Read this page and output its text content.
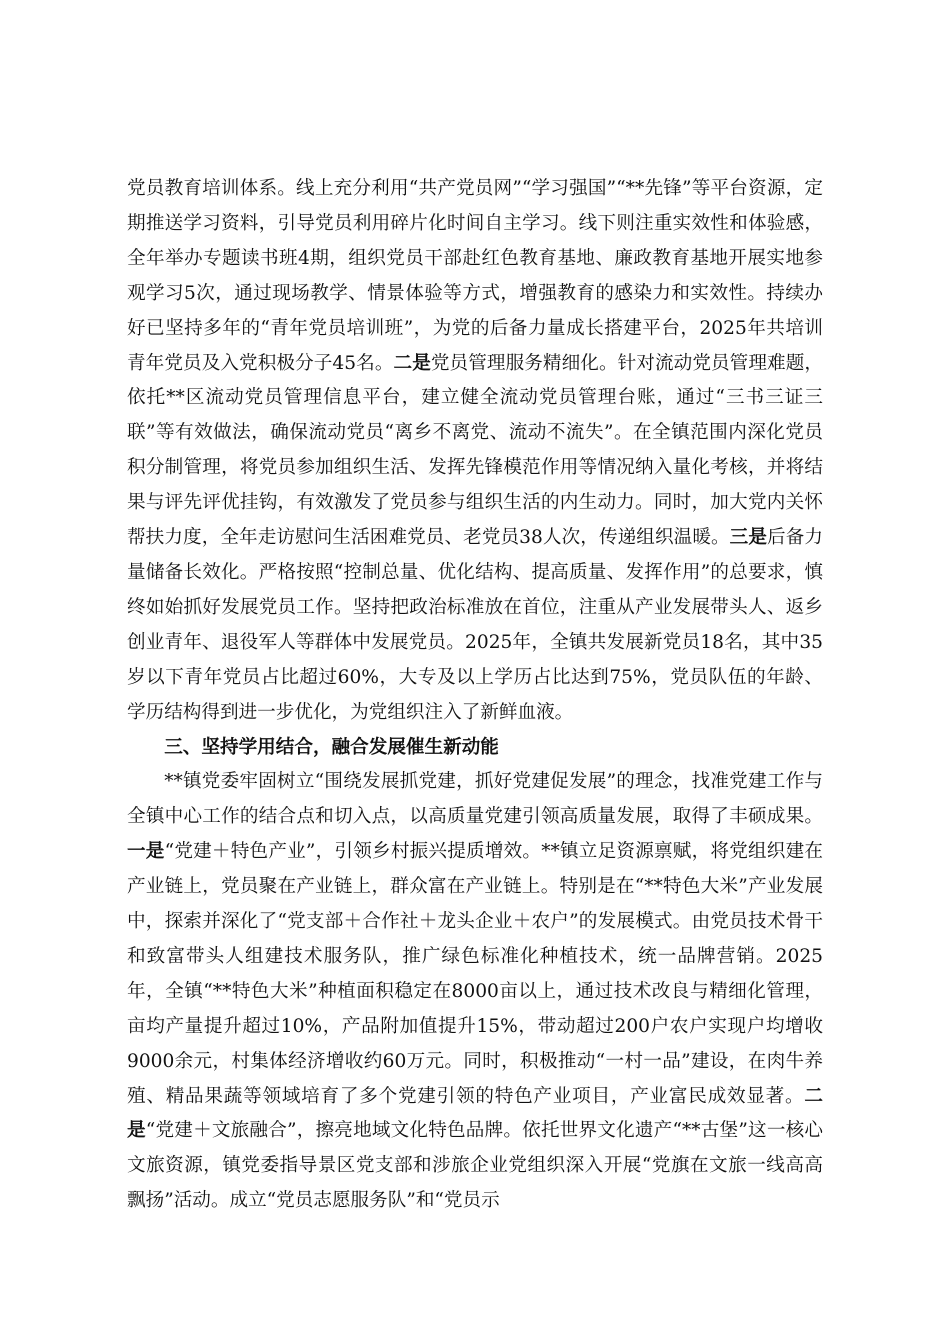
党员教育培训体系。线上充分利用“共产党员网”“学习强国”“**先锋”等平台资源，定期推送学习资料，引导党员利用碎片化时间自主学习。线下则注重实效性和体验感，全年举办专题读书班4期，组织党员干部赴红色教育基地、廉政教育基地开展实地参观学习5次，通过现场教学、情景体验等方式，增强教育的感染力和实效性。持续办好已坚持多年的“青年党员培训班”，为党的后备力量成长搭建平台，2025年共培训青年党员及入党积极分子45名。二是党员管理服务精细化。针对流动党员管理难题，依托**区流动党员管理信息平台，建立健全流动党员管理台账，通过“三书三证三联”等有效做法，确保流动党员“离乡不离党、流动不流失”。在全镇范围内深化党员积分制管理，将党员参加组织生活、发挥先锋模范作用等情况纳入量化考核，并将结果与评先评优挂钩，有效激发了党员参与组织生活的内生动力。同时，加大党内关怀帮扶力度，全年走访慰问生活困难党员、老党员38人次，传递组织温暖。三是后备力量储备长效化。严格按照“控制总量、优化结构、提高质量、发挥作用”的总要求，慎终如始抓好发展党员工作。坚持把政治标准放在首位，注重从产业发展带头人、返乡创业青年、退役军人等群体中发展党员。2025年，全镇共发展新党员18名，其中35岁以下青年党员占比超过60%，大专及以上学历占比达到75%，党员队伍的年龄、学历结构得到进一步优化，为党组织注入了新鲜血液。

三、坚持学用结合，融合发展催生新动能

**镇党委牢固树立“围绕发展抓党建，抓好党建促发展”的理念，找准党建工作与全镇中心工作的结合点和切入点，以高质量党建引领高质量发展，取得了丰硕成果。一是“党建＋特色产业”，引领乡村振兴提质增效。**镇立足资源禀赋，将党组织建在产业链上，党员聚在产业链上，群众富在产业链上。特别是在“**特色大米”产业发展中，探索并深化了“党支部＋合作社＋龙头企业＋农户”的发展模式。由党员技术骨干和致富带头人组建技术服务队，推广绿色标准化种植技术，统一品牌营销。2025年，全镇“**特色大米”种植面积稳定在8000亩以上，通过技术改良与精细化管理，亩均产量提升超过10%，产品附加值提升15%，带动超过200户农户实现户均增收9000余元，村集体经济增收约60万元。同时，积极推动“一村一品”建设，在肉牛养殖、精品果蔬等领域培育了多个党建引领的特色产业项目，产业富民成效显著。二是“党建＋文旅融合”，擦亮地域文化特色品牌。依托世界文化遗产“**古堡”这一核心文旅资源，镇党委指导景区党支部和涉旅企业党组织深入开展“党旗在文旅一线高高飘扬”活动。成立“党员志愿服务队”和“党员示
